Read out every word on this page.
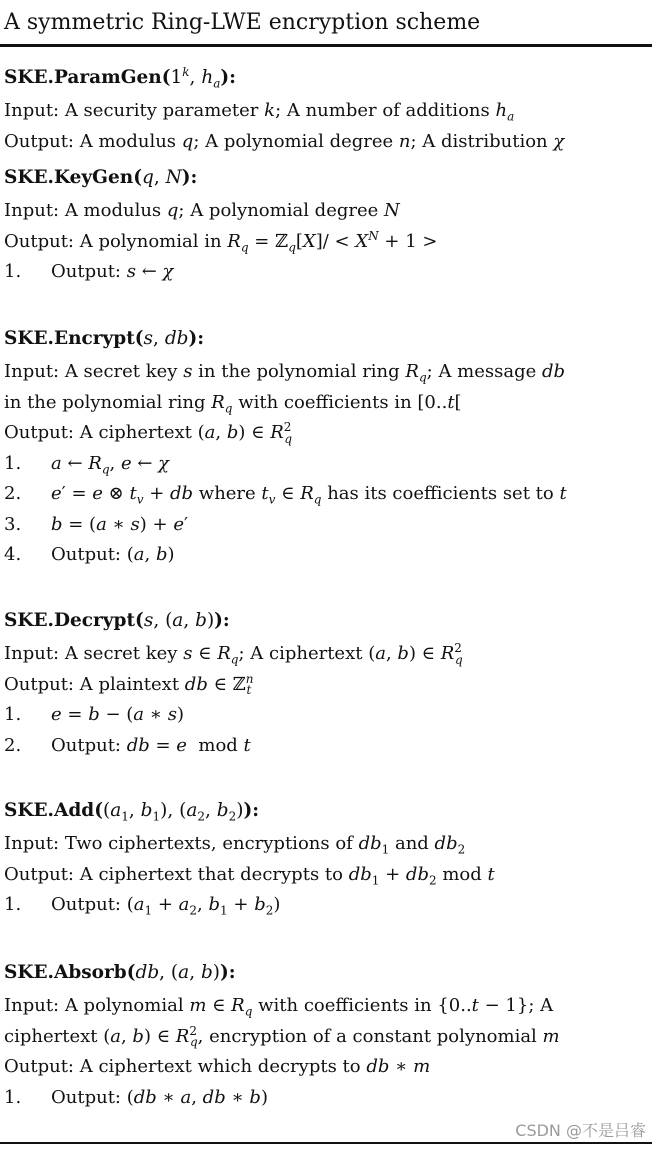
A symmetric Ring-LWE encryption scheme
SKE.ParamGen(1$^k$, $h_a$):
Input: A security parameter k; A number of additions $h_a$
Output: A modulus q; A polynomial degree n; A distribution χ
SKE.KeyGen(q, N):
Input: A modulus q; A polynomial degree N
Output: A polynomial in $R_q$ = ℤ$_q$[X]/ < $X^N + 1$ >
1.	Output: s ← χ
SKE.Encrypt(s, db):
Input: A secret key s in the polynomial ring $R_q$; A message db
in the polynomial ring $R_q$ with coefficients in [0..t[
Output: A ciphertext (a, b) ∈ $R^2_q$
1.	a ← $R_q$, e ← χ
2.	e′ = e ⊗ $t_v$ + db where $t_v$ ∈ $R_q$ has its coefficients set to t
3.	b = (a ∗ s) + e′
4.	Output: (a, b)
SKE.Decrypt(s, (a, b)):
Input: A secret key s ∈ $R_q$; A ciphertext (a, b) ∈ $R^2_q$
Output: A plaintext db ∈ ℤ$^n_t$
1.	e = b − (a ∗ s)
2.	Output: db = e  mod t
$SKE.Add((a_1$, $b_1$), ($a_2$, $b_2$)):
Input: Two ciphertexts, encryptions of $db_1$ and $db_2$
Output: A ciphertext that decrypts to $db_1 + db_2$ mod t
1.	Output: ($a_1 + a_2$, $b_1 + b_2$)
SKE.Absorb(db, (a, b)):
Input: A polynomial m ∈ $R_q$ with coefficients in {0..t − 1}; A
ciphertext (a, b) ∈ $R^2_q$, encryption of a constant polynomial m
Output: A ciphertext which decrypts to db ∗ m
1.	Output: (db ∗ a, db ∗ b)
CSDN @不是吕睿
